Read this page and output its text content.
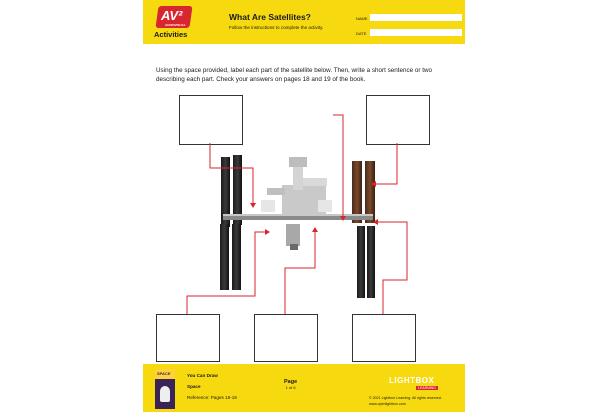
AV²
AUDIOVISUAL
Activities
What Are Satellites?
Follow the instructions to complete the activity.
NAME
DATE
Using the space provided, label each part of the satellite below. Then, write a short sentence or two describing each part. Check your answers on pages 18 and 19 of the book.
SPACE	You Can Draw
Space
Reference: Pages 18-19
Page
1 of 6
LIGHTBOX
LEARNING
© 2021 Lightbox Learning. All rights reserved.
www.openlightbox.com
